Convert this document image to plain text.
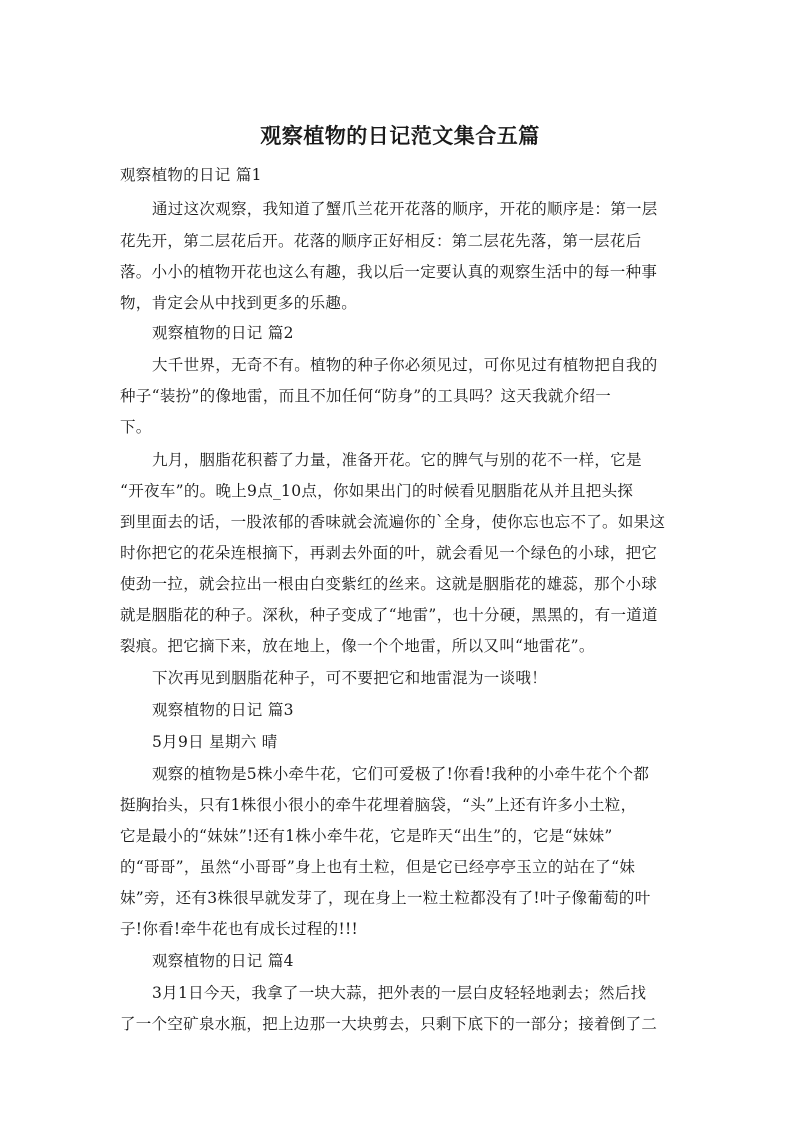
观察植物的日记范文集合五篇
观察植物的日记 篇1
通过这次观察，我知道了蟹爪兰花开花落的顺序，开花的顺序是：第一层
花先开，第二层花后开。花落的顺序正好相反：第二层花先落，第一层花后
落。小小的植物开花也这么有趣，我以后一定要认真的观察生活中的每一种事
物，肯定会从中找到更多的乐趣。
观察植物的日记 篇2
大千世界，无奇不有。植物的种子你必须见过，可你见过有植物把自我的
种子“装扮”的像地雷，而且不加任何“防身”的工具吗？这天我就介绍一
下。
九月，胭脂花积蓄了力量，准备开花。它的脾气与别的花不一样，它是
“开夜车”的。晚上9点_10点，你如果出门的时候看见胭脂花从并且把头探
到里面去的话，一股浓郁的香味就会流遍你的`全身，使你忘也忘不了。如果这
时你把它的花朵连根摘下，再剥去外面的叶，就会看见一个绿色的小球，把它
使劲一拉，就会拉出一根由白变紫红的丝来。这就是胭脂花的雄蕊，那个小球
就是胭脂花的种子。深秋，种子变成了“地雷”，也十分硬，黑黑的，有一道道
裂痕。把它摘下来，放在地上，像一个个地雷，所以又叫“地雷花”。
下次再见到胭脂花种子，可不要把它和地雷混为一谈哦！
观察植物的日记 篇3
5月9日 星期六 晴
观察的植物是5株小牵牛花，它们可爱极了!你看!我种的小牵牛花个个都
挺胸抬头，只有1株很小很小的牵牛花埋着脑袋，“头”上还有许多小土粒，
它是最小的“妹妹”!还有1株小牵牛花，它是昨天“出生”的，它是“妹妹”
的“哥哥”，虽然“小哥哥”身上也有土粒，但是它已经亭亭玉立的站在了“妹
妹”旁，还有3株很早就发芽了，现在身上一粒土粒都没有了!叶子像葡萄的叶
子!你看!牵牛花也有成长过程的!!!
观察植物的日记 篇4
3月1日今天，我拿了一块大蒜，把外表的一层白皮轻轻地剥去；然后找
了一个空矿泉水瓶，把上边那一大块剪去，只剩下底下的一部分；接着倒了二
